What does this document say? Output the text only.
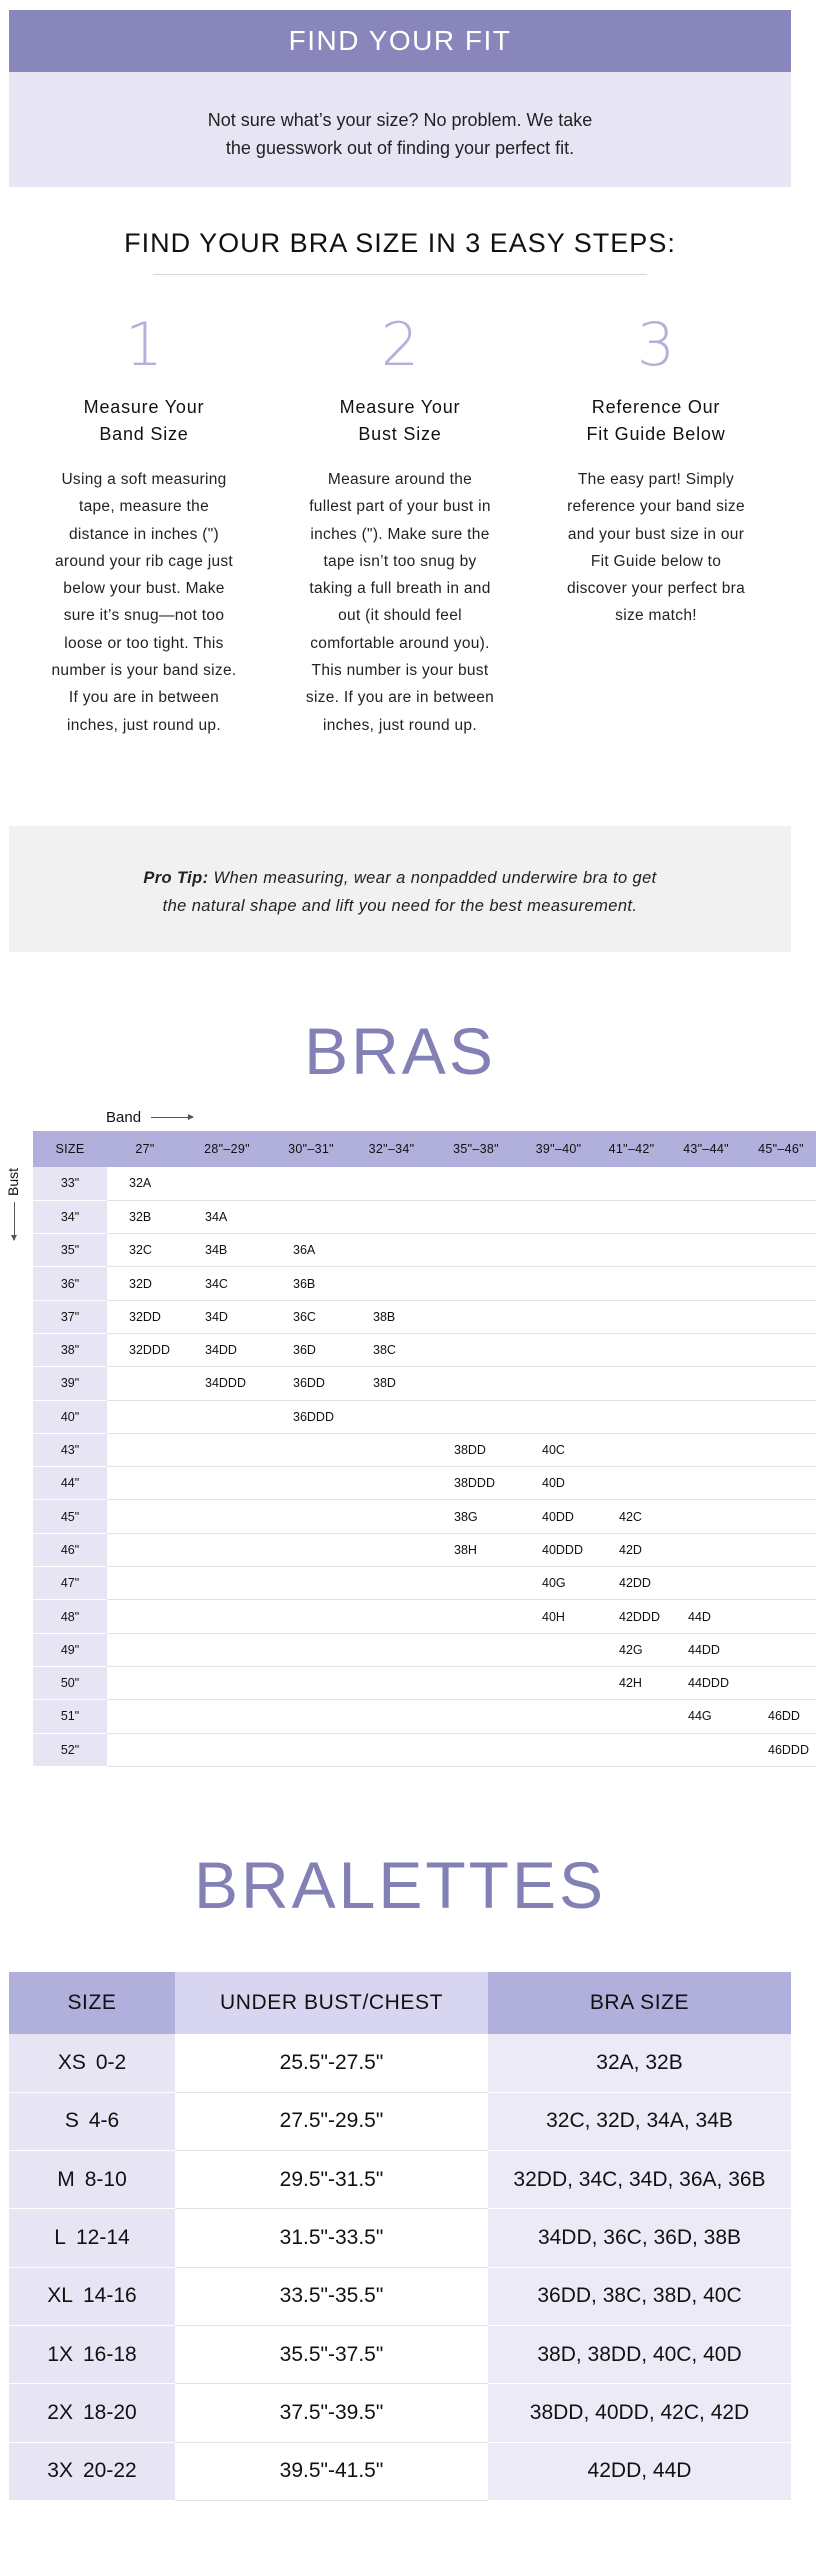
FIND YOUR FIT
Not sure what’s your size? No problem. We take
the guesswork out of finding your perfect fit.
FIND YOUR BRA SIZE IN 3 EASY STEPS:
1
Measure Your
Band Size
Using a soft measuring
tape, measure the
distance in inches (")
around your rib cage just
below your bust. Make
sure it’s snug—not too
loose or too tight. This
number is your band size.
If you are in between
inches, just round up.
2
Measure Your
Bust Size
Measure around the
fullest part of your bust in
inches ("). Make sure the
tape isn’t too snug by
taking a full breath in and
out (it should feel
comfortable around you).
This number is your bust
size. If you are in between
inches, just round up.
3
Reference Our
Fit Guide Below
The easy part! Simply
reference your band size
and your bust size in our
Fit Guide below to
discover your perfect bra
size match!
Pro Tip: When measuring, wear a nonpadded underwire bra to get
the natural shape and lift you need for the best measurement.
BRAS
Band
Bust
SIZE	27"	28"–29"	30"–31"	32"–34"	35"–38"	39"–40"	41"–42"	43"–44"	45"–46"
33"	32A								
34"	32B	34A							
35"	32C	34B	36A						
36"	32D	34C	36B						
37"	32DD	34D	36C	38B					
38"	32DDD	34DD	36D	38C					
39"		34DDD	36DD	38D					
40"			36DDD						
43"					38DD	40C			
44"					38DDD	40D			
45"					38G	40DD	42C		
46"					38H	40DDD	42D		
47"						40G	42DD		
48"						40H	42DDD	44D	
49"							42G	44DD	
50"							42H	44DDD	
51"								44G	46DD
52"									46DDD
BRALETTES
SIZE	UNDER BUST/CHEST	BRA SIZE
XS 0-2	25.5"-27.5"	32A, 32B
S 4-6	27.5"-29.5"	32C, 32D, 34A, 34B
M 8-10	29.5"-31.5"	32DD, 34C, 34D, 36A, 36B
L 12-14	31.5"-33.5"	34DD, 36C, 36D, 38B
XL 14-16	33.5"-35.5"	36DD, 38C, 38D, 40C
1X 16-18	35.5"-37.5"	38D, 38DD, 40C, 40D
2X 18-20	37.5"-39.5"	38DD, 40DD, 42C, 42D
3X 20-22	39.5"-41.5"	42DD, 44D
